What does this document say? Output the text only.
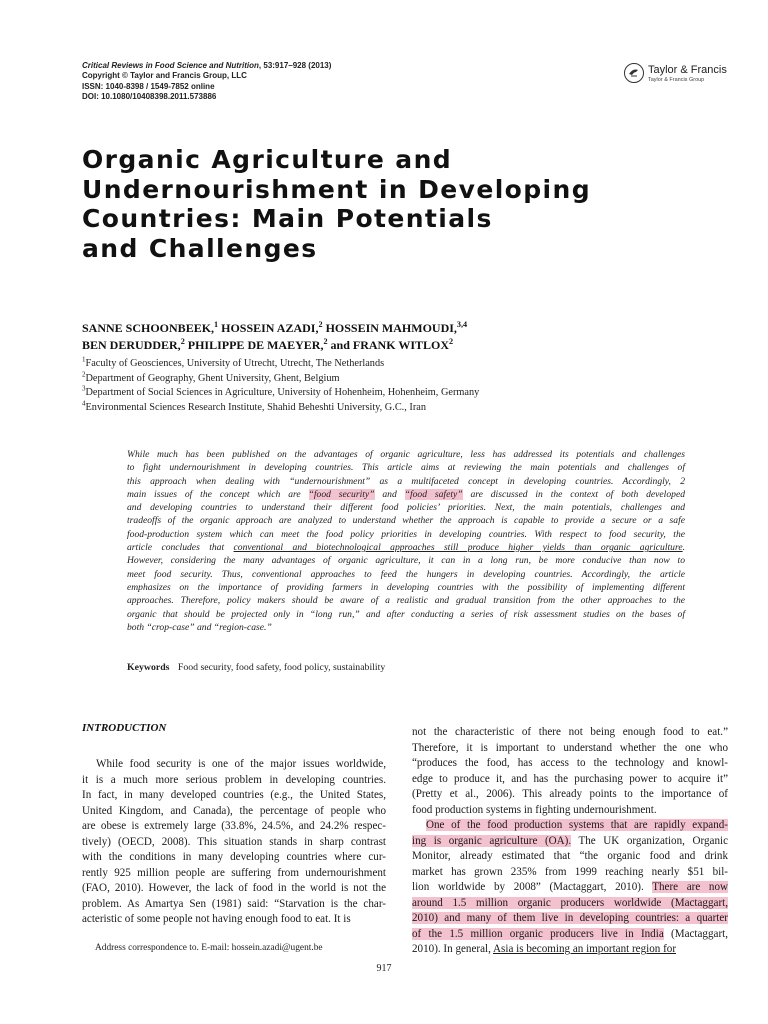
Critical Reviews in Food Science and Nutrition, 53:917–928 (2013)
Copyright © Taylor and Francis Group, LLC
ISSN: 1040-8398 / 1549-7852 online
DOI: 10.1080/10408398.2011.573886
Taylor & Francis
Taylor & Francis Group
Organic Agriculture and
Undernourishment in Developing
Countries: Main Potentials
and Challenges
SANNE SCHOONBEEK,$^1$ HOSSEIN AZADI,$^2$ HOSSEIN MAHMOUDI,$^{3,4}$
BEN DERUDDER,$^2$ PHILIPPE DE MAEYER,$^2$ and FRANK WITLOX$^2$
$^1$Faculty of Geosciences, University of Utrecht, Utrecht, The Netherlands
$^2$Department of Geography, Ghent University, Ghent, Belgium
$^3$Department of Social Sciences in Agriculture, University of Hohenheim, Hohenheim, Germany
$^4$Environmental Sciences Research Institute, Shahid Beheshti University, G.C., Iran
While much has been published on the advantages of organic agriculture, less has addressed its potentials and challenges
to fight undernourishment in developing countries. This article aims at reviewing the main potentials and challenges of
this approach when dealing with “undernourishment” as a multifaceted concept in developing countries. Accordingly, 2
main issues of the concept which are “food security” and “food safety” are discussed in the context of both developed
and developing countries to understand their different food policies’ priorities. Next, the main potentials, challenges and
tradeoffs of the organic approach are analyzed to understand whether the approach is capable to provide a secure or a safe
food-production system which can meet the food policy priorities in developing countries. With respect to food security, the
article concludes that conventional and biotechnological approaches still produce higher yields than organic agriculture.
However, considering the many advantages of organic agriculture, it can in a long run, be more conducive than now to
meet food security. Thus, conventional approaches to feed the hungers in developing countries. Accordingly, the article
emphasizes on the importance of providing farmers in developing countries with the possibility of implementing different
approaches. Therefore, policy makers should be aware of a realistic and gradual transition from the other approaches to the
organic that should be projected only in “long run,” and after conducting a series of risk assessment studies on the bases of
both “crop-case” and “region-case.”
Keywords Food security, food safety, food policy, sustainability
INTRODUCTION
While food security is one of the major issues worldwide,
it is a much more serious problem in developing countries.
In fact, in many developed countries (e.g., the United States,
United Kingdom, and Canada), the percentage of people who
are obese is extremely large (33.8%, 24.5%, and 24.2% respec-
tively) (OECD, 2008). This situation stands in sharp contrast
with the conditions in many developing countries where cur-
rently 925 million people are suffering from undernourishment
(FAO, 2010). However, the lack of food in the world is not the
problem. As Amartya Sen (1981) said: “Starvation is the char-
acteristic of some people not having enough food to eat. It is
not the characteristic of there not being enough food to eat.”
Therefore, it is important to understand whether the one who
“produces the food, has access to the technology and knowl-
edge to produce it, and has the purchasing power to acquire it”
(Pretty et al., 2006). This already points to the importance of
food production systems in fighting undernourishment.
One of the food production systems that are rapidly expand-
ing is organic agriculture (OA). The UK organization, Organic
Monitor, already estimated that “the organic food and drink
market has grown 235% from 1999 reaching nearly $51 bil-
lion worldwide by 2008” (Mactaggart, 2010). There are now
around 1.5 million organic producers worldwide (Mactaggart,
2010) and many of them live in developing countries: a quarter
of the 1.5 million organic producers live in India (Mactaggart,
2010). In general, Asia is becoming an important region for
Address correspondence to. E-mail: hossein.azadi@ugent.be
917
